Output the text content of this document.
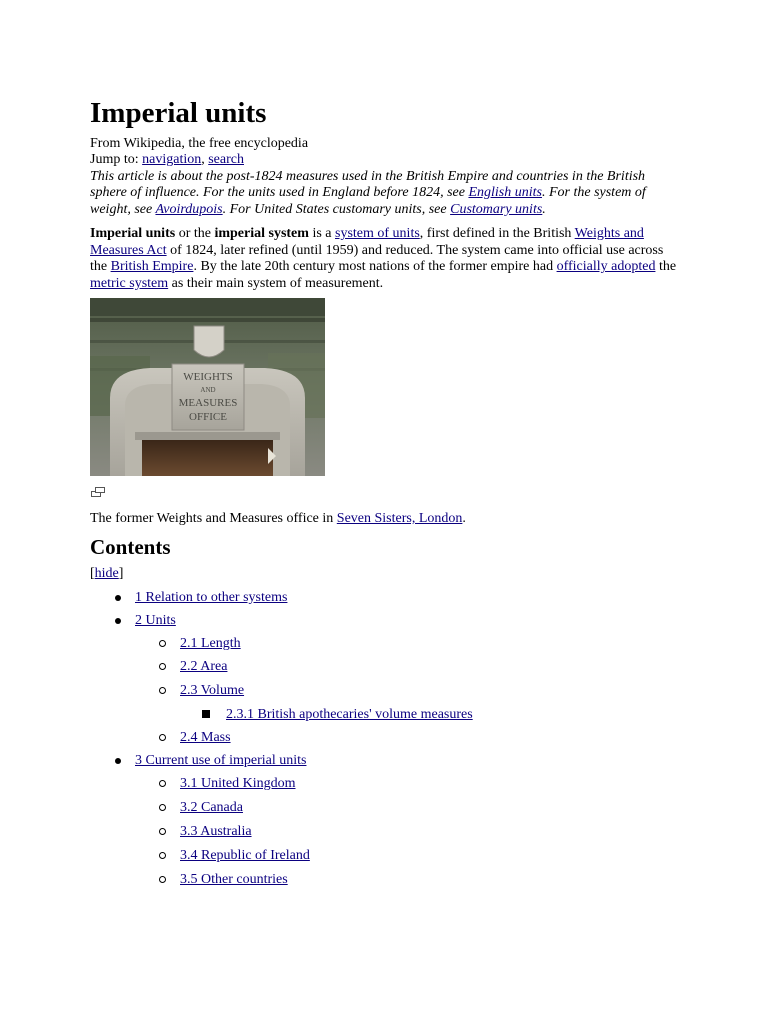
Imperial units
From Wikipedia, the free encyclopedia
Jump to: navigation, search
This article is about the post-1824 measures used in the British Empire and countries in the British sphere of influence. For the units used in England before 1824, see English units. For the system of weight, see Avoirdupois. For United States customary units, see Customary units.
Imperial units or the imperial system is a system of units, first defined in the British Weights and Measures Act of 1824, later refined (until 1959) and reduced. The system came into official use across the British Empire. By the late 20th century most nations of the former empire had officially adopted the metric system as their main system of measurement.
WEIGHTS
AND
MEASURES
OFFICE
The former Weights and Measures office in Seven Sisters, London.
Contents
[hide]
1 Relation to other systems
2 Units
2.1 Length
2.2 Area
2.3 Volume
2.3.1 British apothecaries' volume measures
2.4 Mass
3 Current use of imperial units
3.1 United Kingdom
3.2 Canada
3.3 Australia
3.4 Republic of Ireland
3.5 Other countries
